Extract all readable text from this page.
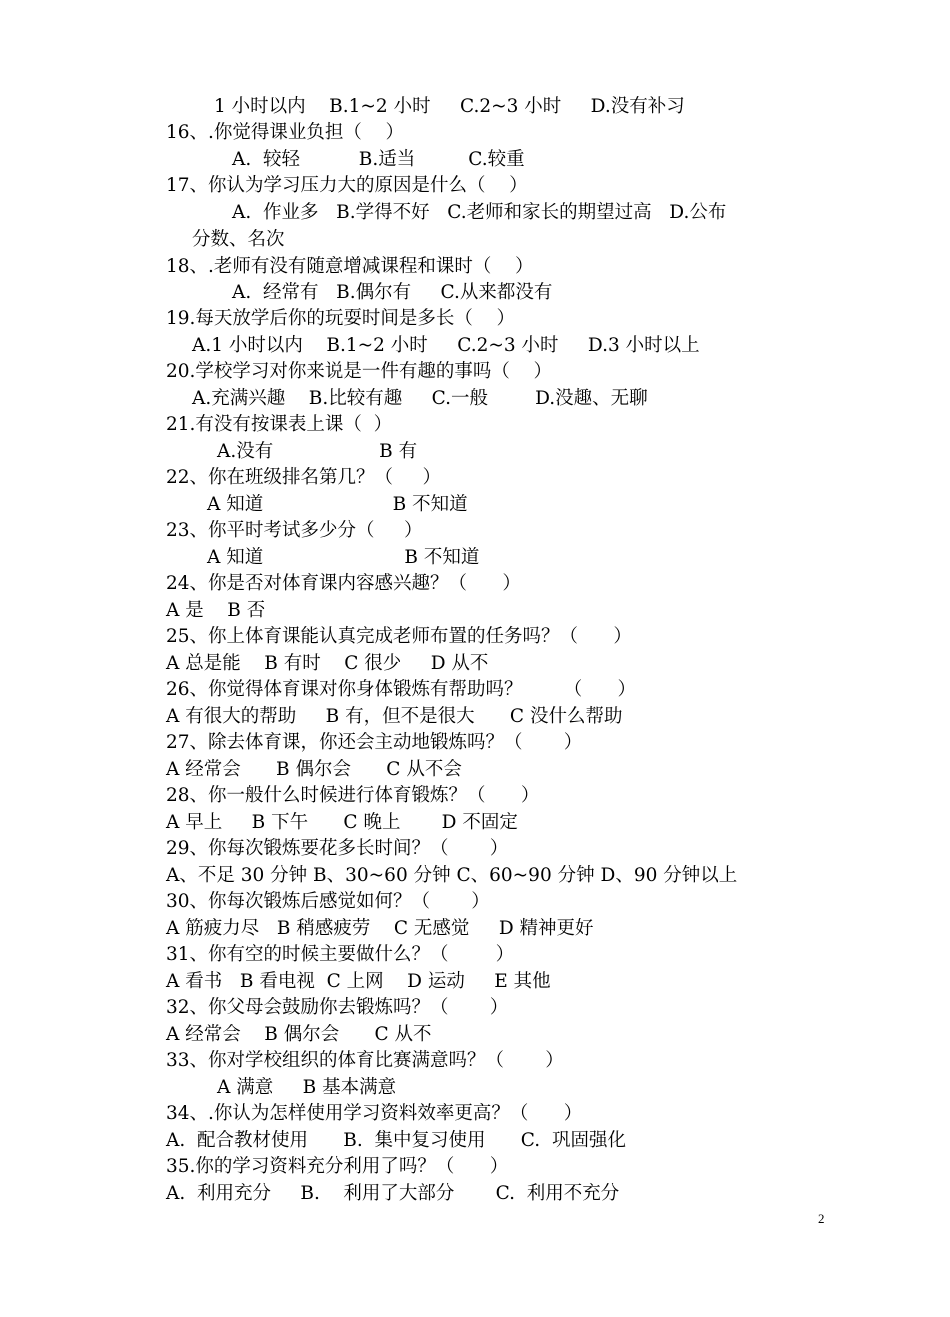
1 小时以内    B.1~2 小时     C.2~3 小时     D.没有补习
16、.你觉得课业负担（    ）
A.  较轻          B.适当         C.较重
17、你认为学习压力大的原因是什么（    ）
A.  作业多   B.学得不好   C.老师和家长的期望过高   D.公布
分数、名次
18、.老师有没有随意增减课程和课时（    ）
A.  经常有   B.偶尔有     C.从来都没有
19.每天放学后你的玩耍时间是多长（    ）
A.1 小时以内    B.1~2 小时     C.2~3 小时     D.3 小时以上
20.学校学习对你来说是一件有趣的事吗（    ）
A.充满兴趣    B.比较有趣     C.一般        D.没趣、无聊
21.有没有按课表上课（  ）
A.没有                  B 有
22、你在班级排名第几？（     ）
A 知道                      B 不知道
23、你平时考试多少分（     ）
A 知道                        B 不知道
24、你是否对体育课内容感兴趣？（      ）
A 是    B 否
25、你上体育课能认真完成老师布置的任务吗？（      ）
A 总是能    B 有时    C 很少     D 从不
26、你觉得体育课对你身体锻炼有帮助吗？       （      ）
A 有很大的帮助     B 有，但不是很大      C 没什么帮助
27、除去体育课，你还会主动地锻炼吗？（       ）
A 经常会      B 偶尔会      C 从不会
28、你一般什么时候进行体育锻炼？（      ）
A 早上     B 下午      C 晚上       D 不固定
29、你每次锻炼要花多长时间？（       ）
A、不足 30 分钟 B、30~60 分钟 C、60~90 分钟 D、90 分钟以上
30、你每次锻炼后感觉如何？（       ）
A 筋疲力尽   B 稍感疲劳    C 无感觉     D 精神更好
31、你有空的时候主要做什么？（        ）
A 看书   B 看电视  C 上网    D 运动     E 其他
32、你父母会鼓励你去锻炼吗？（       ）
A 经常会    B 偶尔会      C 从不
33、你对学校组织的体育比赛满意吗？（       ）
A 满意     B 基本满意
34、.你认为怎样使用学习资料效率更高？（      ）
A.  配合教材使用      B.  集中复习使用      C.  巩固强化
35.你的学习资料充分利用了吗？（      ）
A.  利用充分     B.    利用了大部分       C.  利用不充分
2
